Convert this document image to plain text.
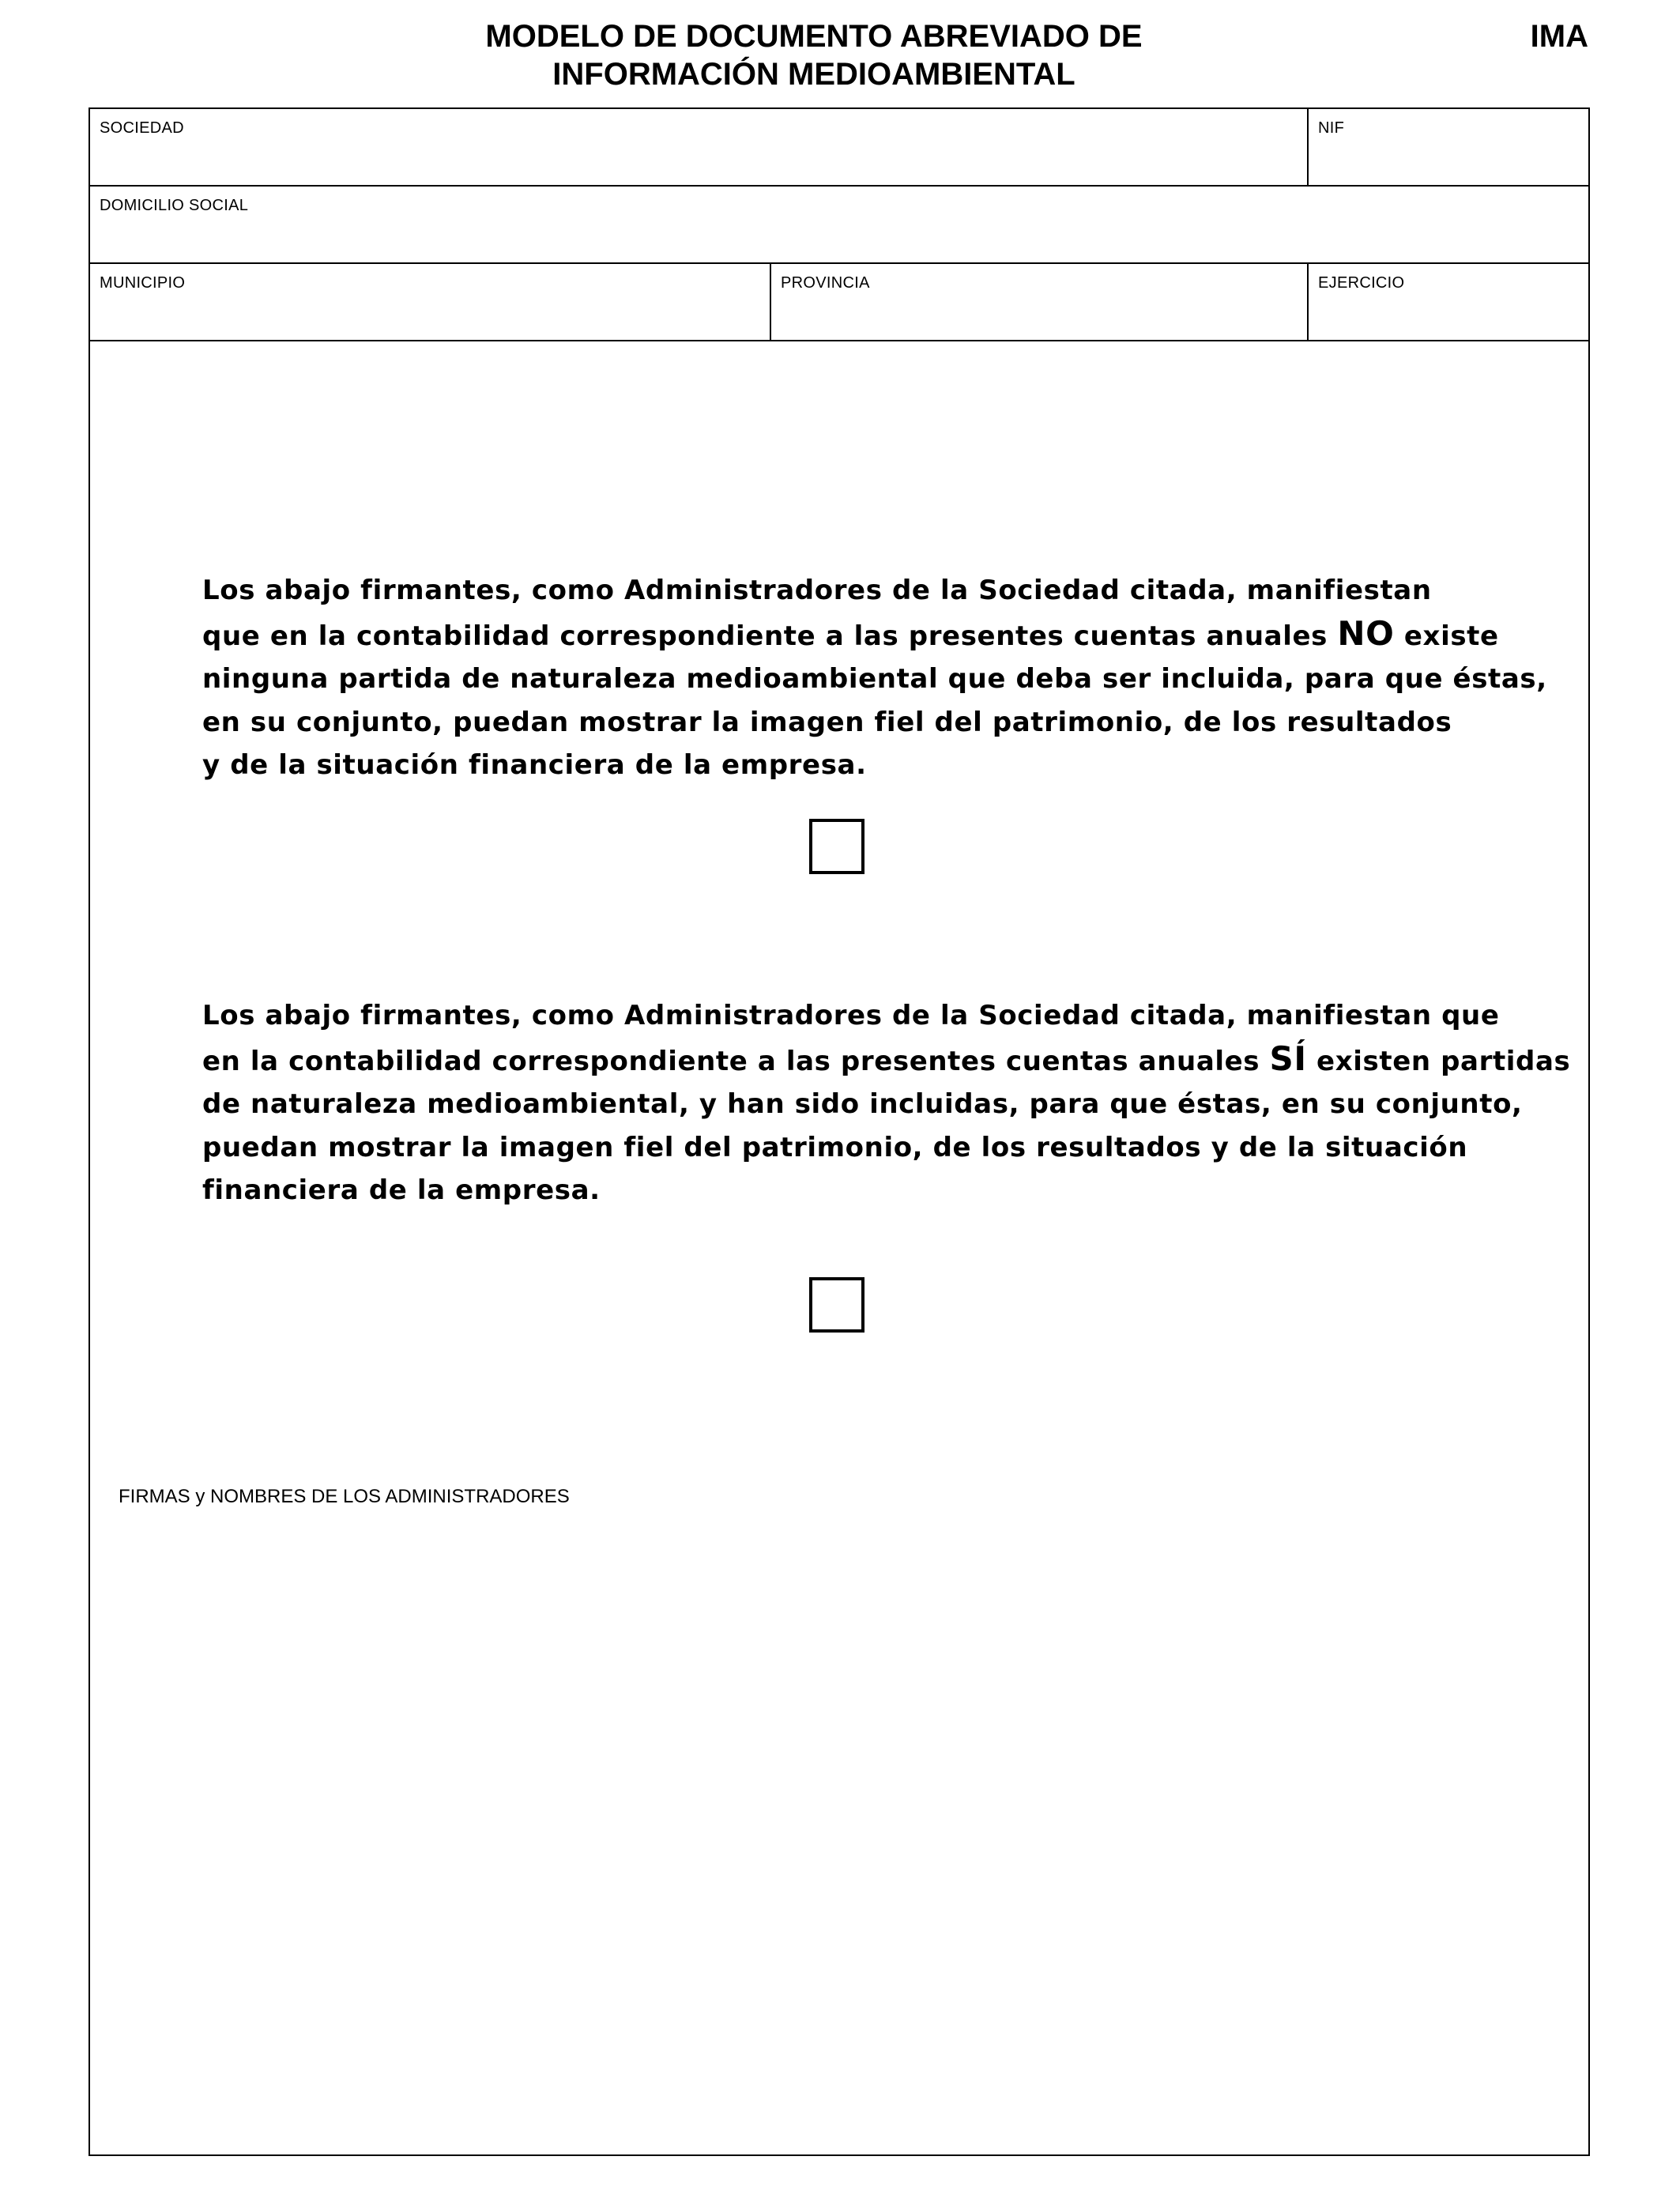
MODELO DE DOCUMENTO ABREVIADO DE
INFORMACIÓN MEDIOAMBIENTAL
IMA
SOCIEDAD	NIF
DOMICILIO SOCIAL
MUNICIPIO	PROVINCIA	EJERCICIO
Los abajo firmantes, como Administradores de la Sociedad citada, manifiestan
que en la contabilidad correspondiente a las presentes cuentas anuales NO existe
ninguna partida de naturaleza medioambiental que deba ser incluida, para que éstas,
en su conjunto, puedan mostrar la imagen fiel del patrimonio, de los resultados
y de la situación financiera de la empresa.
Los abajo firmantes, como Administradores de la Sociedad citada, manifiestan que
en la contabilidad correspondiente a las presentes cuentas anuales SÍ existen partidas
de naturaleza medioambiental, y han sido incluidas, para que éstas, en su conjunto,
puedan mostrar la imagen fiel del patrimonio, de los resultados y de la situación
financiera de la empresa.
FIRMAS y NOMBRES DE LOS ADMINISTRADORES
